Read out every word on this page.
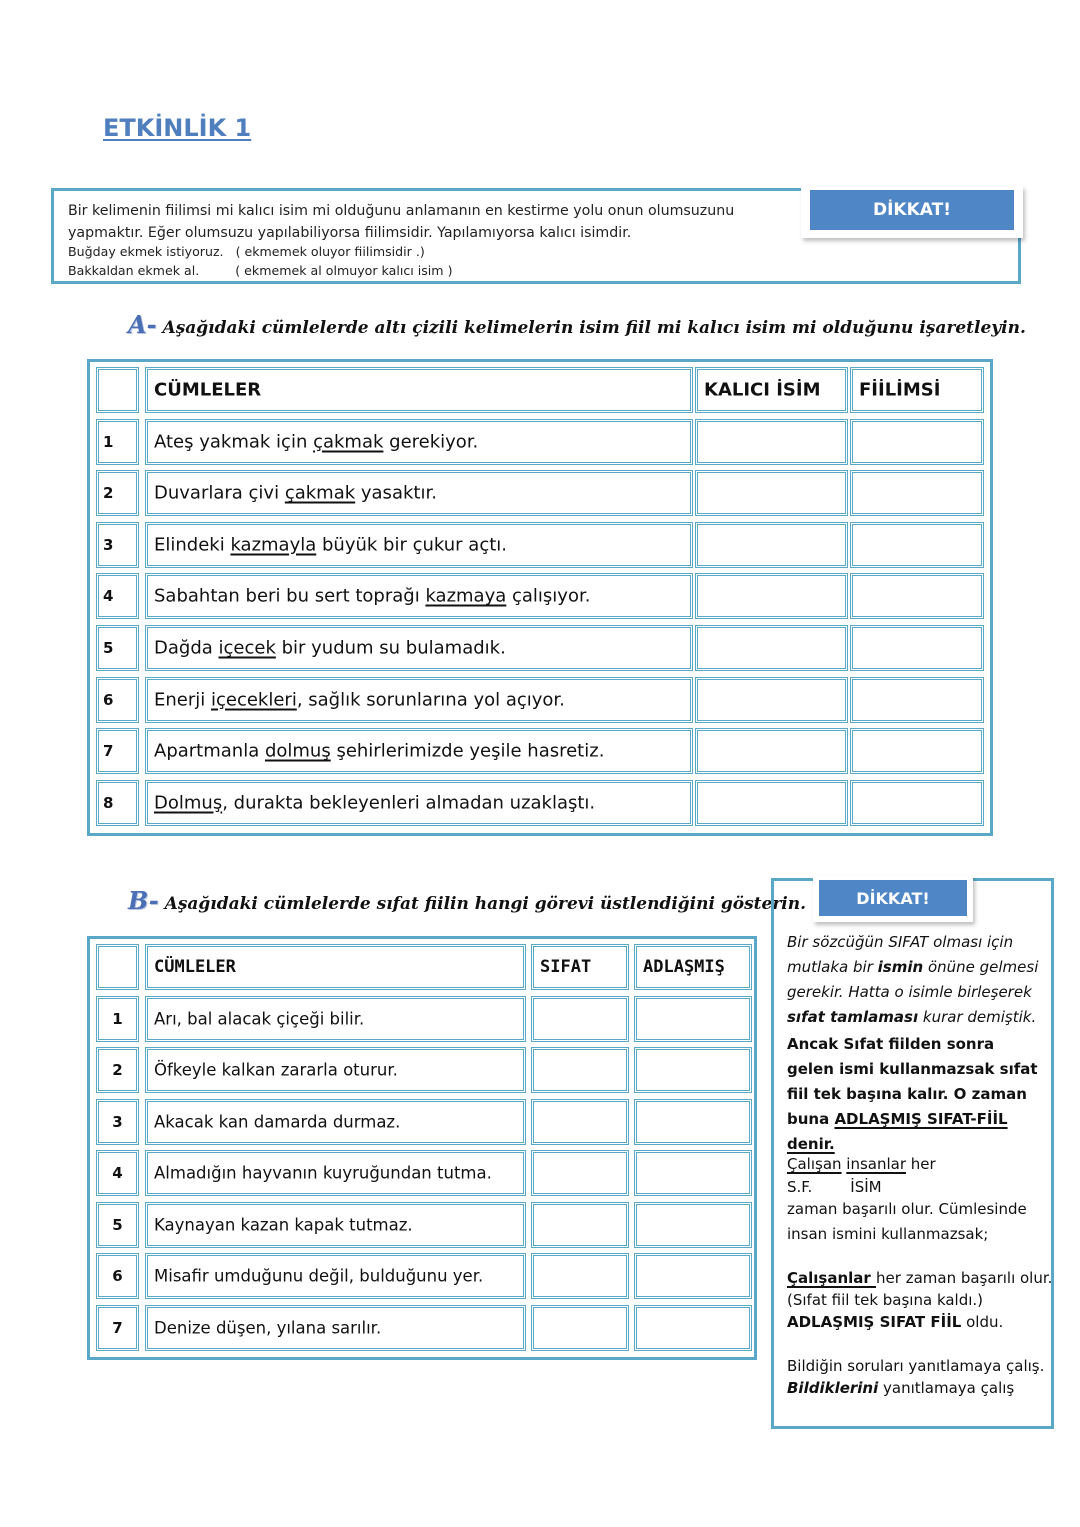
ETKİNLİK 1
Bir kelimenin fiilimsi mi kalıcı isim mi olduğunu anlamanın en kestirme yolu onun olumsuzunu yapmaktır. Eğer olumsuzu yapılabiliyorsa fiilimsidir. Yapılamıyorsa kalıcı isimdir.
Buğday ekmek istiyoruz.   ( ekmemek oluyor fiilimsidir .)
Bakkaldan ekmek al.         ( ekmemek al olmuyor kalıcı isim )
DİKKAT!
A- Aşağıdaki cümlelerde altı çizili kelimelerin isim fiil mi kalıcı isim mi olduğunu işaretleyin.
CÜMLELER	KALICI İSİM FİİLİMSİ
1 Ateş yakmak için çakmak gerekiyor.
2 Duvarlara çivi çakmak yasaktır.
3 Elindeki kazmayla büyük bir çukur açtı.
4 Sabahtan beri bu sert toprağı kazmaya çalışıyor.
5 Dağda içecek bir yudum su bulamadık.
6 Enerji içecekleri, sağlık sorunlarına yol açıyor.
7 Apartmanla dolmuş şehirlerimizde yeşile hasretiz.
8 Dolmuş, durakta bekleyenleri almadan uzaklaştı.
B- Aşağıdaki cümlelerde sıfat fiilin hangi görevi üstlendiğini gösterin.
CÜMLELER	SIFAT	ADLAŞMIŞ
1	Arı, bal alacak çiçeği bilir.
2	Öfkeyle kalkan zararla oturur.
3	Akacak kan damarda durmaz.
4	Almadığın hayvanın kuyruğundan tutma.
5	Kaynayan kazan kapak tutmaz.
6	Misafir umduğunu değil, bulduğunu yer.
7	Denize düşen, yılana sarılır.
DİKKAT!
Bir sözcüğün SIFAT olması için mutlaka bir ismin önüne gelmesi gerekir. Hatta o isimle birleşerek sıfat tamlaması kurar demiştik.
Ancak Sıfat fiilden sonra gelen ismi kullanmazsak sıfat fiil tek başına kalır. O zaman buna ADLAŞMIŞ SIFAT-FİİL denir.
Çalışan insanlar her
S.F.	İSİM
zaman başarılı olur. Cümlesinde insan ismini kullanmazsak;
Çalışanlar her zaman başarılı olur.
(Sıfat fiil tek başına kaldı.)
ADLAŞMIŞ SIFAT FİİL oldu.
Bildiğin soruları yanıtlamaya çalış.
Bildiklerini yanıtlamaya çalış
